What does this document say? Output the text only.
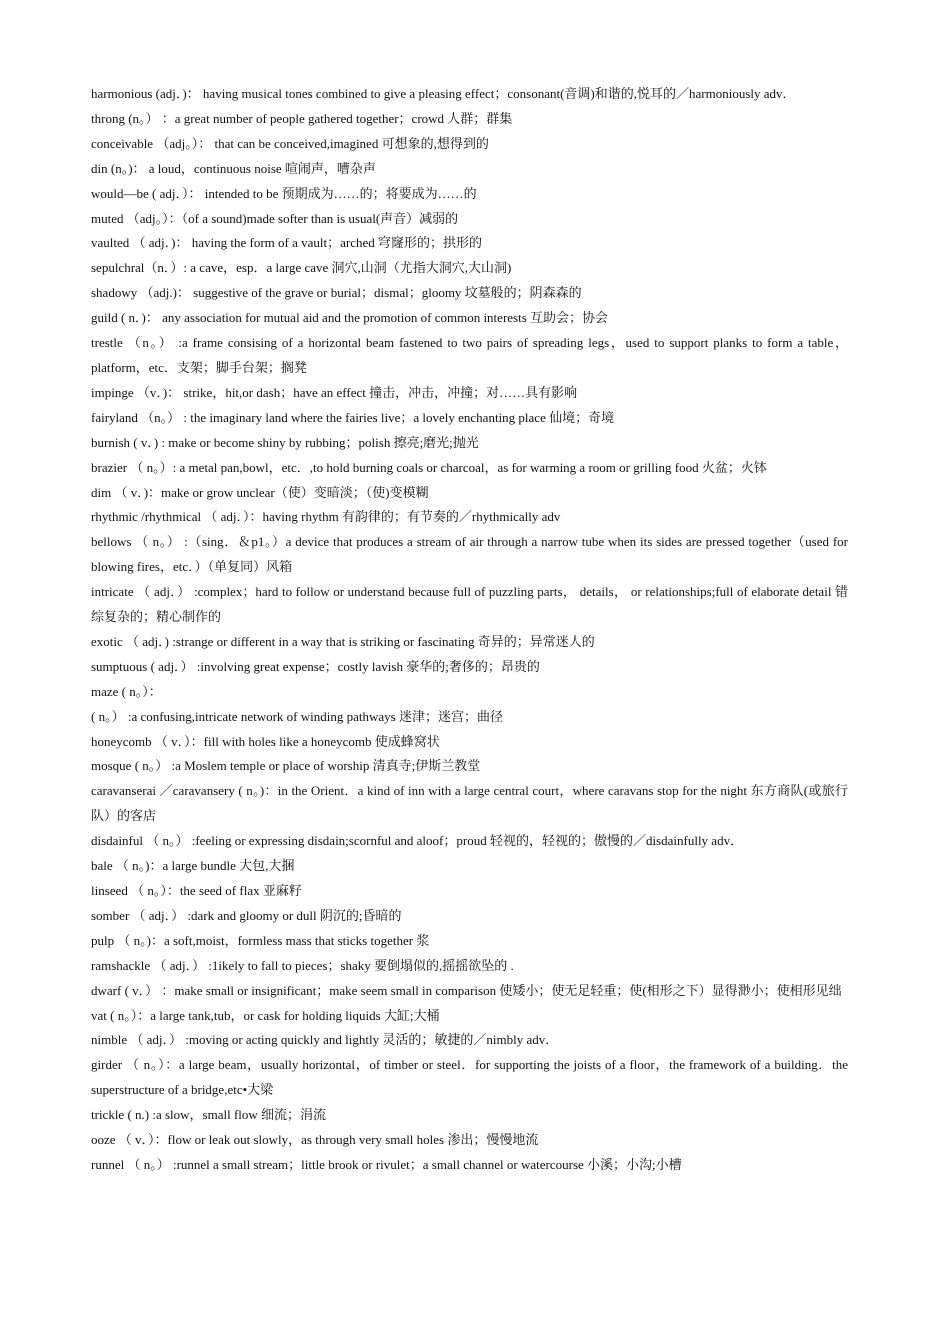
harmonious (adj．)： having musical tones combined to give a pleasing effect；consonant(音调)和谐的,悦耳的／harmoniously adv．

throng (n。） ：a great number of people gathered together；crowd 人群；群集

conceivable （adj。）： that can be conceived,imagined 可想象的,想得到的

din (n。)： a loud，continuous noise 喧闹声，嘈杂声

would—be ( adj．）： intended to be 预期成为……的；将要成为……的

muted （adj。）：（of a sound)made softer than is usual(声音）减弱的

vaulted （ adj．)： having the form of a vault；arched 穹窿形的；拱形的

sepulchral（n．）: a cave，esp．a large cave 洞穴,山洞（尤指大洞穴,大山洞)

shadowy （adj.)： suggestive of the grave or burial；dismal；gloomy 坟墓般的；阴森森的

guild ( n．)： any association for mutual aid and the promotion of common interests 互助会；协会

trestle （n。） :a frame consising of a horizontal beam fastened to two pairs of spreading legs，used to support planks to form a table，platform，etc．支架；脚手台架；搁凳

impinge （v．)： strike，hit,or dash；have an effect 撞击，冲击，冲撞；对……具有影响

fairyland （n。） : the imaginary land where the fairies live；a lovely enchanting place 仙境；奇境

burnish ( v．) : make or become shiny by rubbing；polish 擦亮;磨光;抛光

brazier （ n。）: a metal pan,bowl，etc．,to hold burning coals or charcoal，as for warming a room or grilling food 火盆；火钵

dim （ v．)：make or grow unclear（使）变暗淡；（使)变模糊

rhythmic /rhythmical （ adj．）：having rhythm 有韵律的；有节奏的／rhythmically adv

bellows （ n。） :（sing．＆p1。）a device that produces a stream of air through a narrow tube when its sides are pressed together（used for blowing fires，etc．）（单复同）风箱

intricate （ adj．） :complex；hard to follow or understand because full of puzzling parts， details， or relationships;full of elaborate detail 错综复杂的；精心制作的

exotic （ adj．) :strange or different in a way that is striking or fascinating 奇异的；异常迷人的

sumptuous ( adj．） :involving great expense；costly lavish 豪华的;奢侈的；昂贵的

maze ( n。）：

( n。） :a confusing,intricate network of winding pathways 迷津；迷宫；曲径

honeycomb （ v．）：fill with holes like a honeycomb 使成蜂窝状

mosque ( n。） :a Moslem temple or place of worship 清真寺;伊斯兰教堂

caravanserai ／caravansery ( n。)：in the Orient．a kind of inn with a large central court，where caravans stop for the night 东方商队(或旅行队）的客店

disdainful （ n。） :feeling or expressing disdain;scornful and aloof；proud 轻视的，轻视的；傲慢的／disdainfully adv．

bale （ n。)：a large bundle 大包,大捆

linseed （ n。）：the seed of flax 亚麻籽

somber （ adj．） :dark and gloomy or dull 阴沉的;昏暗的

pulp （ n。)：a soft,moist，formless mass that sticks together 浆

ramshackle （ adj．） :1ikely to fall to pieces；shaky 要倒塌似的,摇摇欲坠的 .

dwarf ( v．） ：make small or insignificant；make seem small in comparison 使矮小；使无足轻重；使(相形之下）显得渺小；使相形见绌

vat ( n。）：a large tank,tub，or cask for holding liquids 大缸;大桶

nimble （ adj．） :moving or acting quickly and lightly 灵活的；敏捷的／nimbly adv．

girder （ n。）：a large beam，usually horizontal，of timber or steel．for supporting the joists of a floor，the framework of a building．the superstructure of a bridge,etc•大梁

trickle ( n.) :a slow，small flow 细流；涓流

ooze （ v．）：flow or leak out slowly，as through very small holes 渗出；慢慢地流

runnel （ n。） :runnel a small stream；little brook or rivulet；a small channel or watercourse 小溪；小沟;小槽
